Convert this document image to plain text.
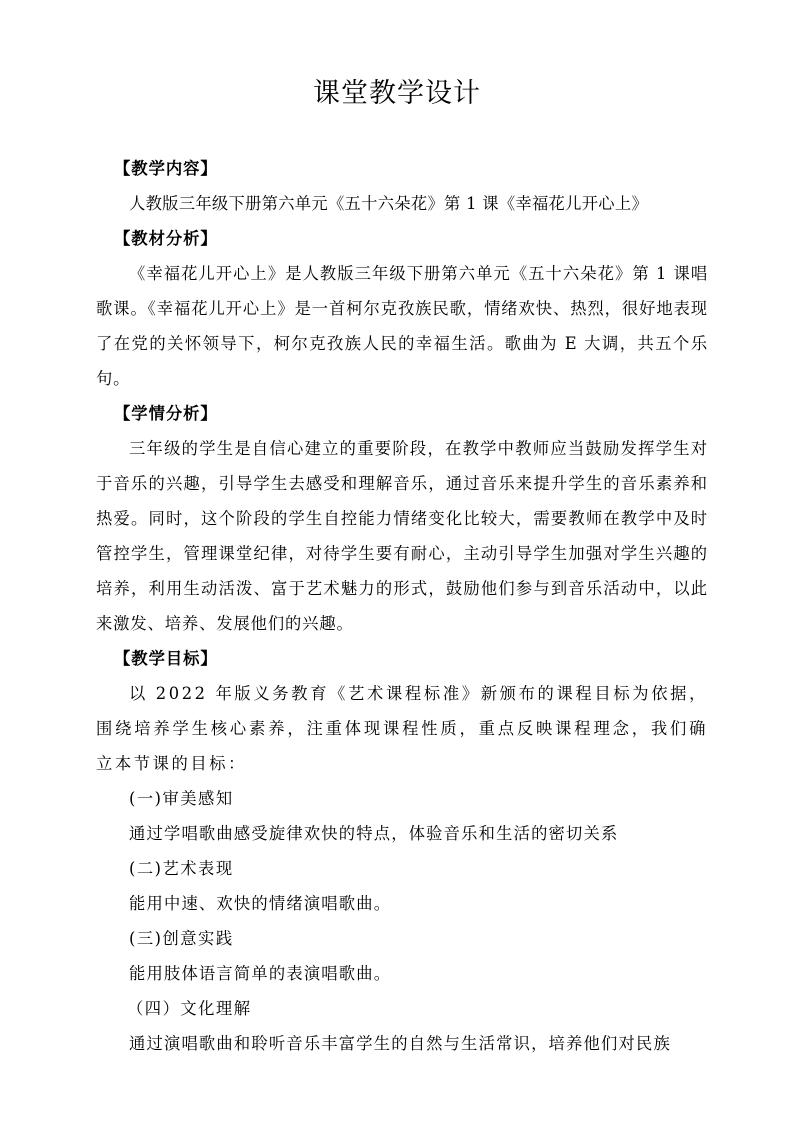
课堂教学设计

【教学内容】

人教版三年级下册第六单元《五十六朵花》第 1 课《幸福花儿开心上》

【教材分析】

《幸福花儿开心上》是人教版三年级下册第六单元《五十六朵花》第 1 课唱歌课。《幸福花儿开心上》是一首柯尔克孜族民歌，情绪欢快、热烈，很好地表现了在党的关怀领导下，柯尔克孜族人民的幸福生活。歌曲为 E 大调，共五个乐句。

【学情分析】

三年级的学生是自信心建立的重要阶段，在教学中教师应当鼓励发挥学生对于音乐的兴趣，引导学生去感受和理解音乐，通过音乐来提升学生的音乐素养和热爱。同时，这个阶段的学生自控能力情绪变化比较大，需要教师在教学中及时管控学生，管理课堂纪律，对待学生要有耐心，主动引导学生加强对学生兴趣的培养，利用生动活泼、富于艺术魅力的形式，鼓励他们参与到音乐活动中，以此来激发、培养、发展他们的兴趣。

【教学目标】

以 2022 年版义务教育《艺术课程标准》新颁布的课程目标为依据，围绕培养学生核心素养，注重体现课程性质，重点反映课程理念，我们确立本节课的目标：

(一)审美感知

通过学唱歌曲感受旋律欢快的特点，体验音乐和生活的密切关系

(二)艺术表现

能用中速、欢快的情绪演唱歌曲。

(三)创意实践

能用肢体语言简单的表演唱歌曲。

（四）文化理解

通过演唱歌曲和聆听音乐丰富学生的自然与生活常识，培养他们对民族
